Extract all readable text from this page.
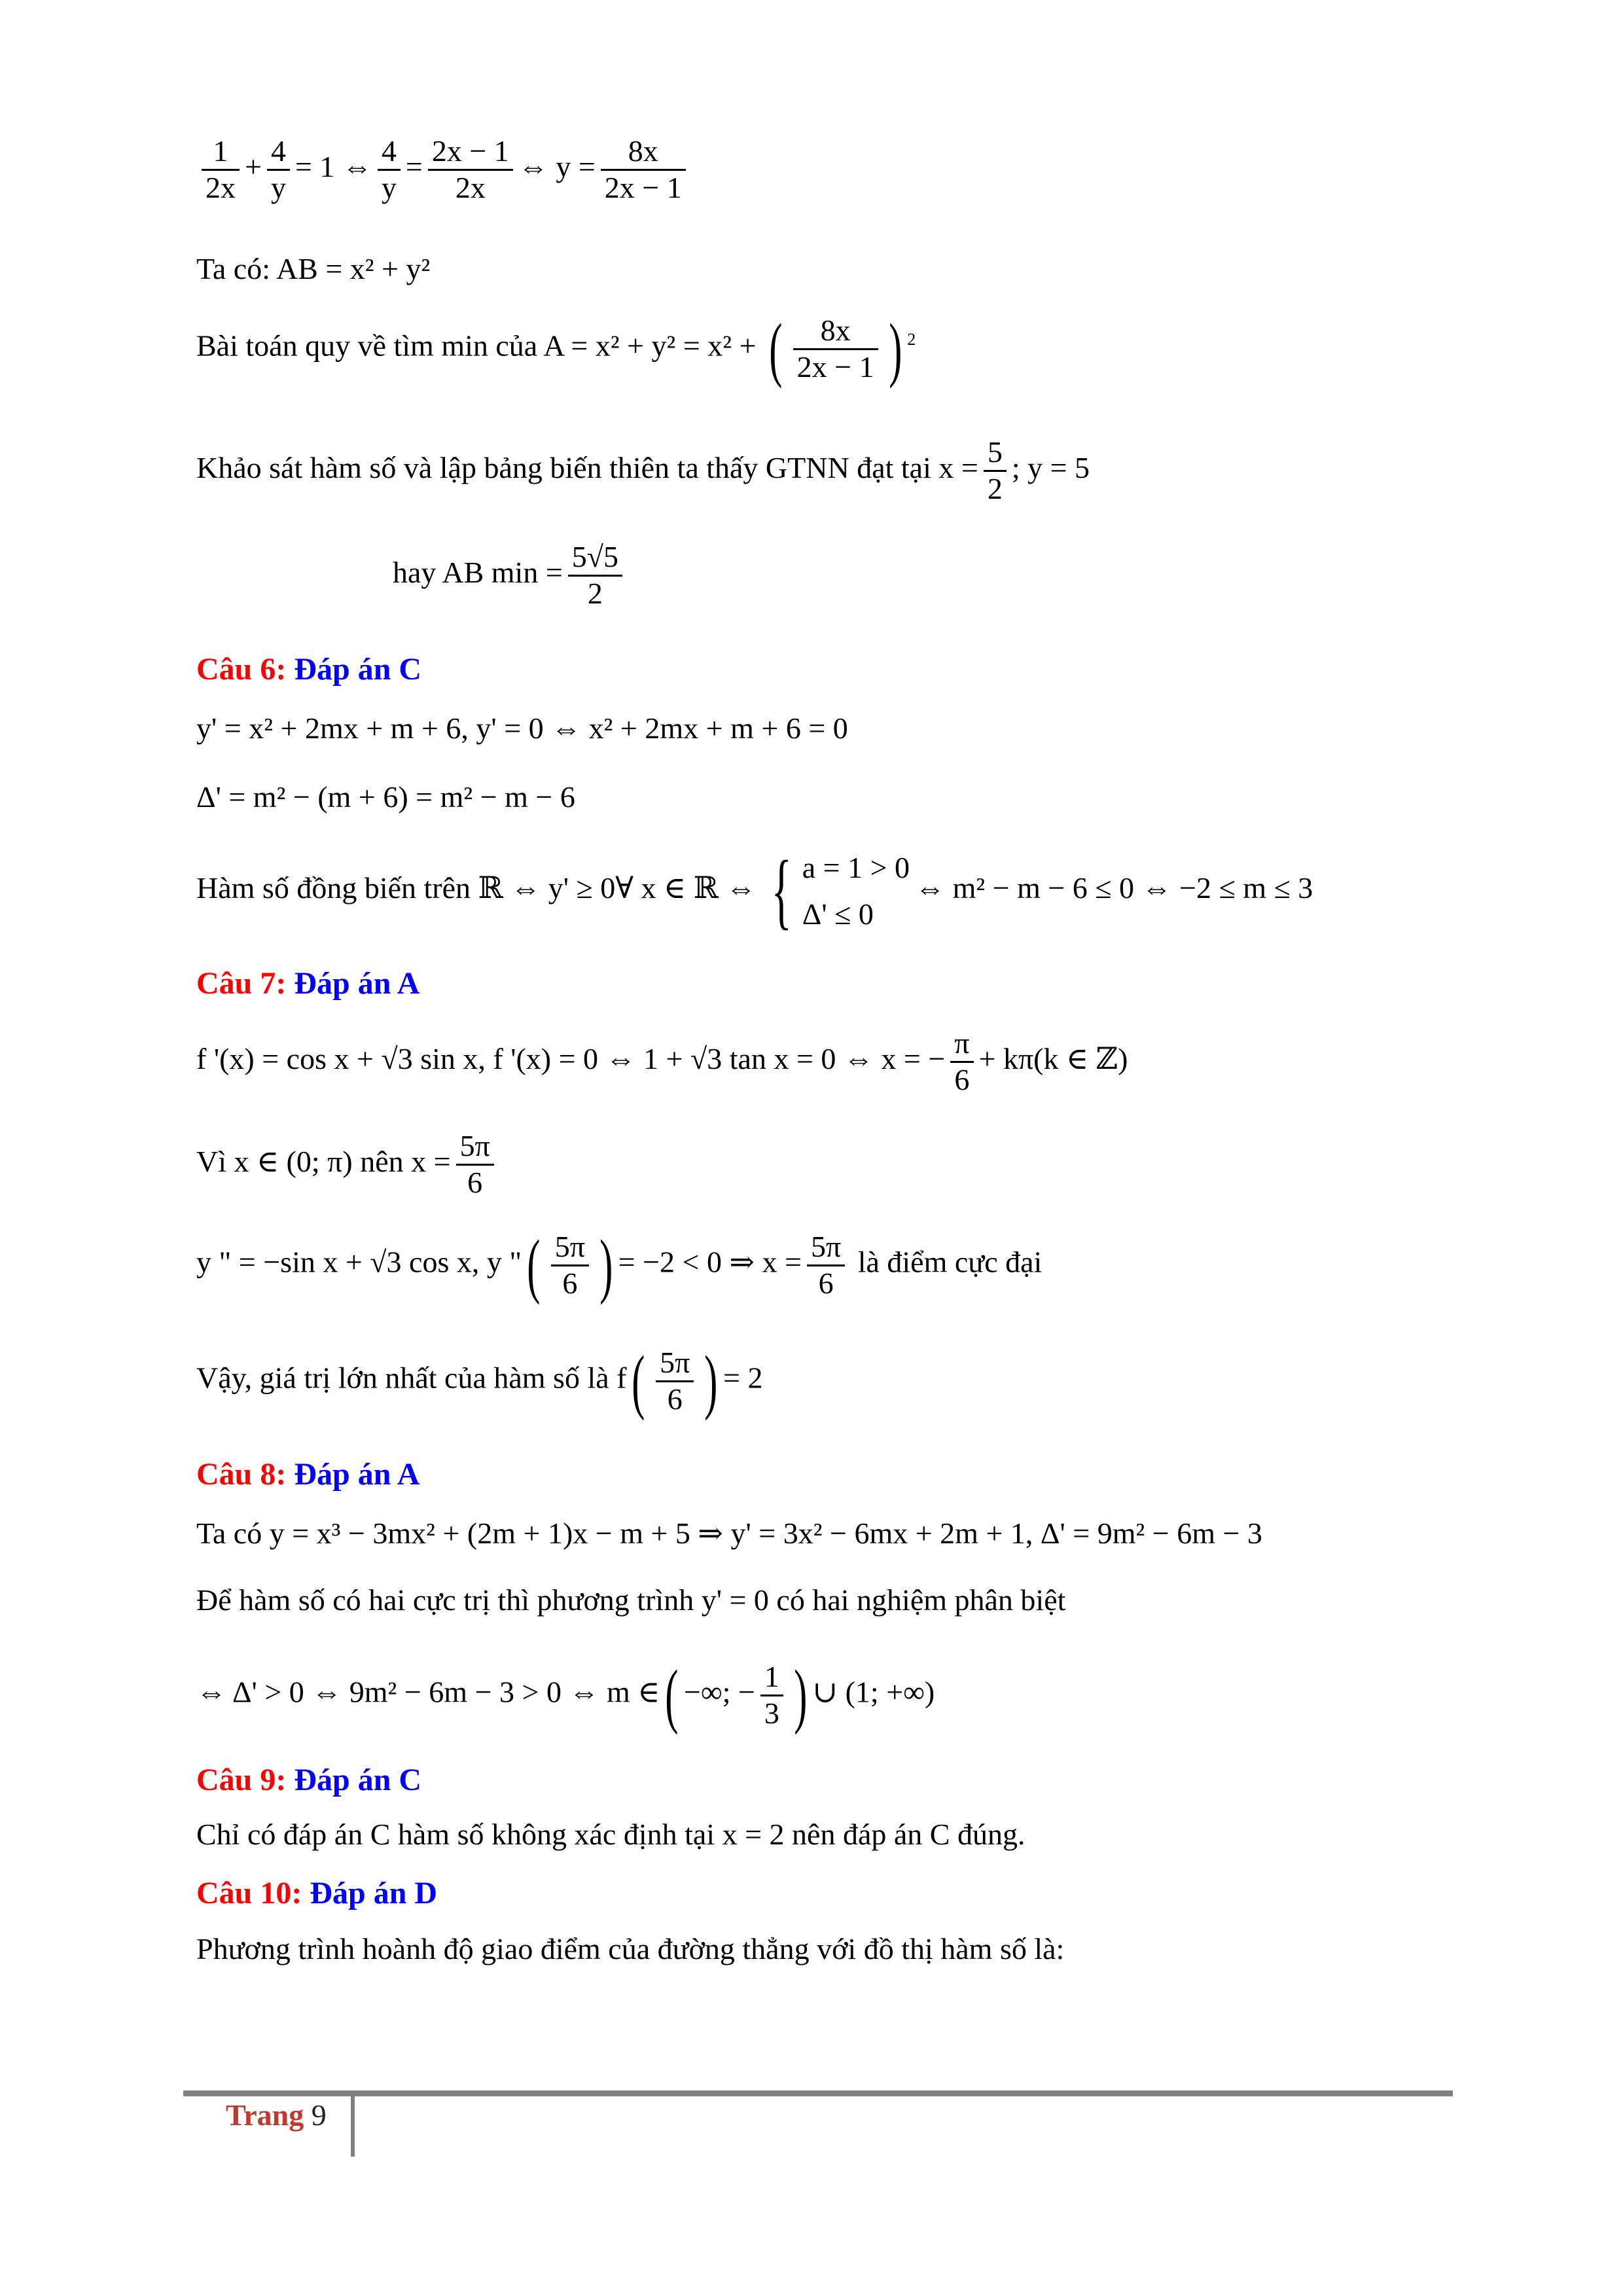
$\frac{1}{2x} + \frac{4}{y} = 1$ ⇔ $\frac{4}{y} = \frac{2x - 1}{2x}$ ⇔ $y = \frac{8x}{2x - 1}$
Ta có: AB = x² + y²
Bài toán quy về tìm min của A = x² + y² = x² + ( $\frac{8x}{2x - 1}$ ) $^2$
Khảo sát hàm số và lập bảng biến thiên ta thấy GTNN đạt tại $x = \frac{5}{2}$ ; y = 5
hay AB $\min = \frac{5√5}{2}$
Câu 6: Đáp án C
y' = x² + 2mx + m + 6, y' = 0 ⇔ x² + 2mx + m + 6 = 0
Δ' = m² − (m + 6) = m² − m − 6
Hàm số đồng biến trên ℝ ⇔ y' ≥ 0∀ x ∈ ℝ ⇔ { a = 1 > 0
Δ' ≤ 0
⇔ m² − m − 6 ≤ 0 ⇔ −2 ≤ m ≤ 3
Câu 7: Đáp án A
f '(x) = cos x + √3 sin x, f '(x) = 0 ⇔ 1 + √3 tan x = 0 ⇔ x = − $\frac{\pi}{6} + k\pi(k$ ∈ ℤ)
Vì x ∈ (0; π) nên $x = \frac{5\pi}{6}$
y " = −sin x + √3 cos x, y "( $\frac{5\pi}{6}$ ) = −2 < 0 ⇒ $x = \frac{5\pi}{6}$ là điểm cực đại
Vậy, giá trị lớn nhất của hàm số là $f( \frac{5\pi}{6}$ ) = 2
Câu 8: Đáp án A
Ta có y = x³ − 3mx² + (2m + 1)x − m + 5 ⇒ y' = 3x² − 6mx + 2m + 1, Δ' = 9m² − 6m − 3
Để hàm số có hai cực trị thì phương trình y' = 0 có hai nghiệm phân biệt
⇔ Δ' > 0 ⇔ 9m² − 6m − 3 > 0 ⇔ m ∈( −∞; − $\frac{1}{3}$ ) ∪ (1; +∞)
Câu 9: Đáp án C
Chỉ có đáp án C hàm số không xác định tại x = 2 nên đáp án C đúng.
Câu 10: Đáp án D
Phương trình hoành độ giao điểm của đường thẳng với đồ thị hàm số là:
Trang 9
